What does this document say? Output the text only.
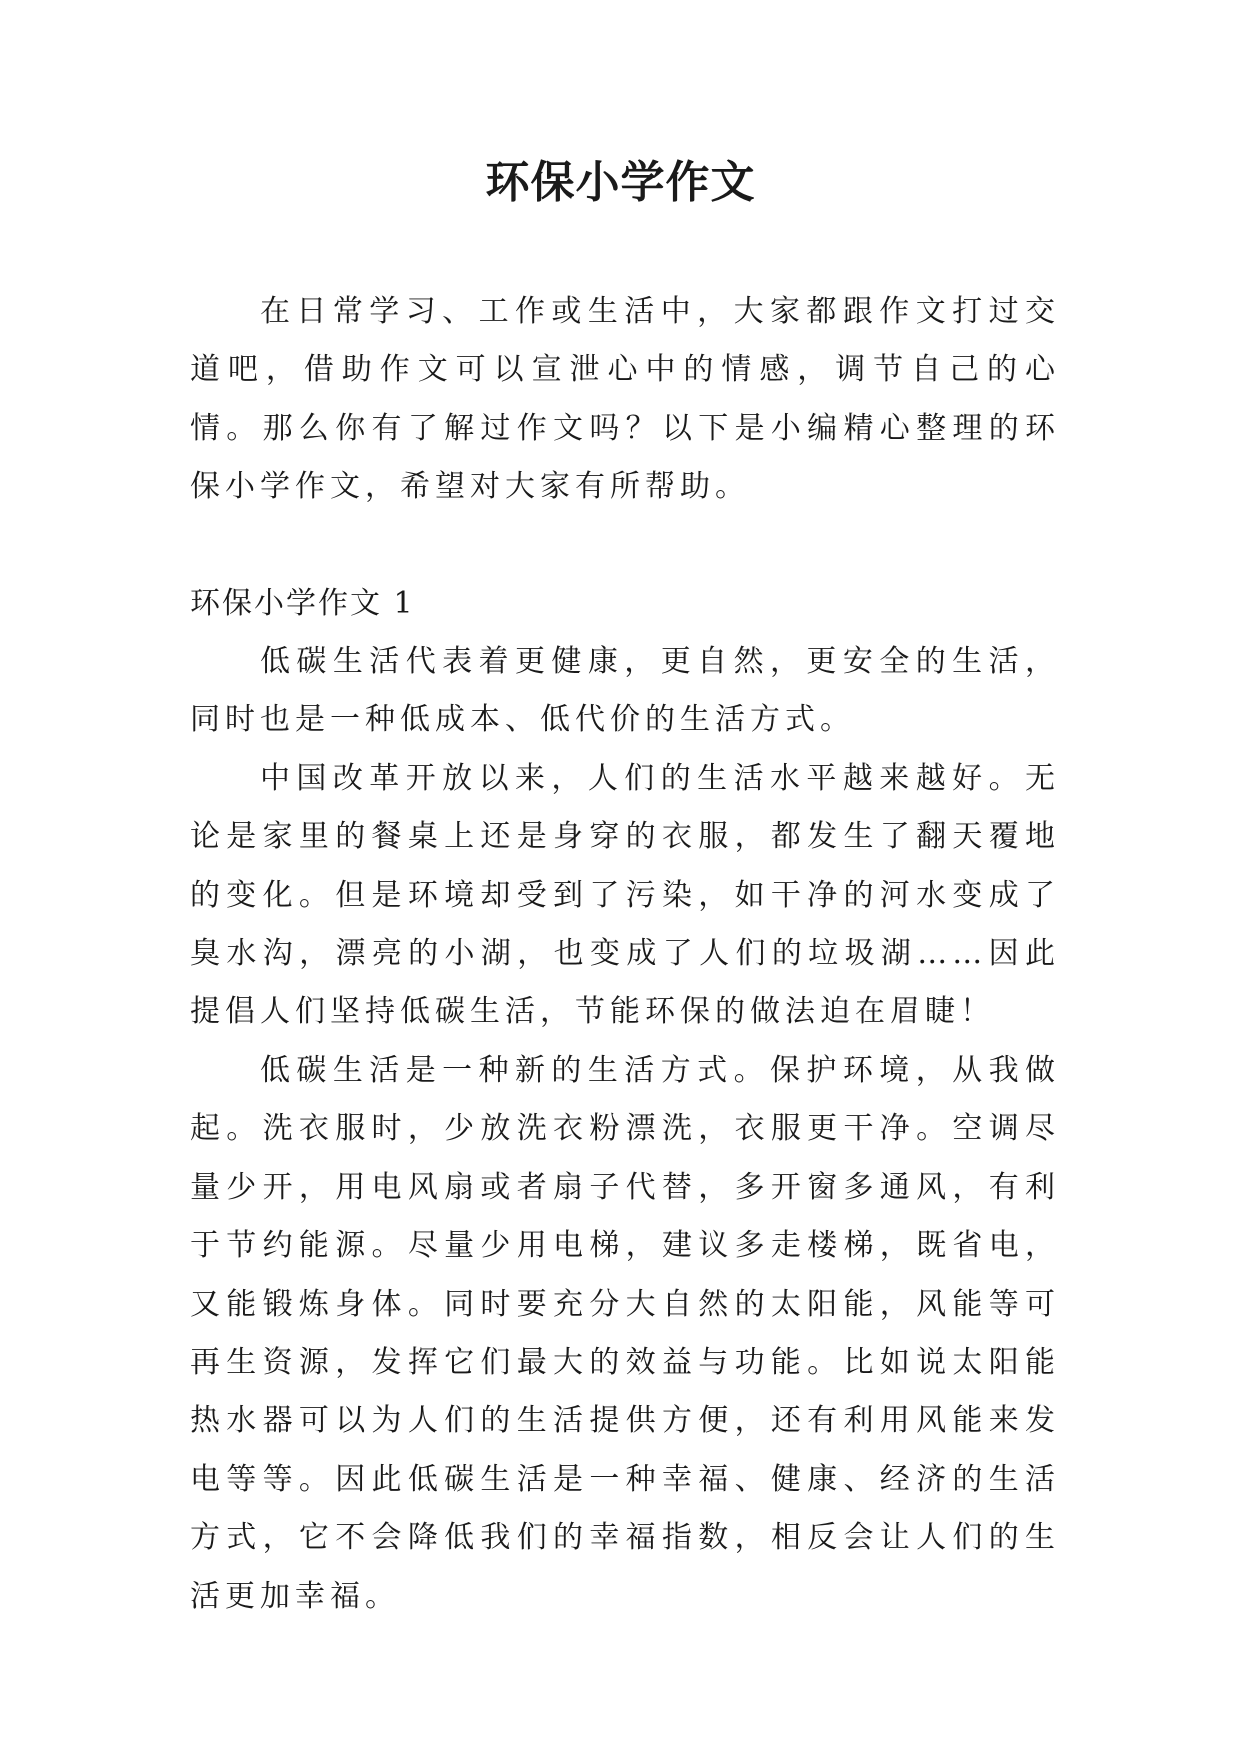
环保小学作文

在日常学习、工作或生活中，大家都跟作文打过交道吧，借助作文可以宣泄心中的情感，调节自己的心情。那么你有了解过作文吗？以下是小编精心整理的环保小学作文，希望对大家有所帮助。

环保小学作文 1

低碳生活代表着更健康，更自然，更安全的生活，同时也是一种低成本、低代价的生活方式。

中国改革开放以来，人们的生活水平越来越好。无论是家里的餐桌上还是身穿的衣服，都发生了翻天覆地的变化。但是环境却受到了污染，如干净的河水变成了臭水沟，漂亮的小湖，也变成了人们的垃圾湖……因此提倡人们坚持低碳生活，节能环保的做法迫在眉睫！

低碳生活是一种新的生活方式。保护环境，从我做起。洗衣服时，少放洗衣粉漂洗，衣服更干净。空调尽量少开，用电风扇或者扇子代替，多开窗多通风，有利于节约能源。尽量少用电梯，建议多走楼梯，既省电，又能锻炼身体。同时要充分大自然的太阳能，风能等可再生资源，发挥它们最大的效益与功能。比如说太阳能热水器可以为人们的生活提供方便，还有利用风能来发电等等。因此低碳生活是一种幸福、健康、经济的生活方式，它不会降低我们的幸福指数，相反会让人们的生活更加幸福。
